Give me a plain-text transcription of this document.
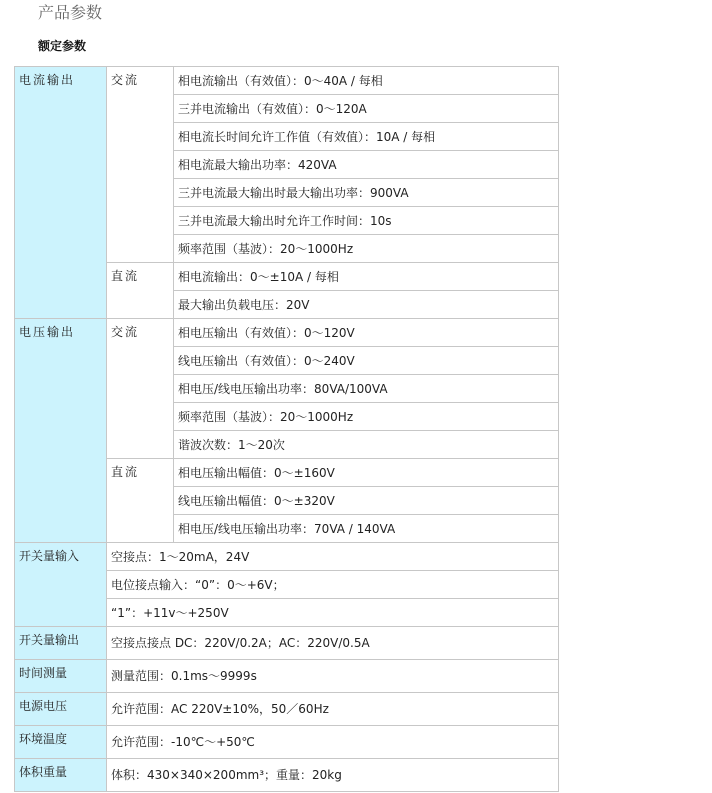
产品参数
额定参数
电流输出	交流	相电流输出（有效值）：0～40A / 每相
		三并电流输出（有效值）：0～120A
		相电流长时间允许工作值（有效值）：10A / 每相
		相电流最大输出功率：420VA
		三并电流最大输出时最大输出功率：900VA
		三并电流最大输出时允许工作时间：10s
		频率范围（基波）：20～1000Hz
	直流	相电流输出：0～±10A / 每相
		最大输出负载电压：20V
电压输出	交流	相电压输出（有效值）：0～120V
		线电压输出（有效值）：0～240V
		相电压/线电压输出功率：80VA/100VA
		频率范围（基波）：20～1000Hz
		谐波次数：1～20次
	直流	相电压输出幅值：0～±160V
		线电压输出幅值：0～±320V
		相电压/线电压输出功率：70VA / 140VA
开关量输入	空接点：1～20mA，24V	
	电位接点输入：“0”：0～+6V；	
	“1”：+11v～+250V	
开关量输出	空接点接点 DC：220V/0.2A；AC：220V/0.5A	
时间测量	测量范围：0.1ms～9999s	
电源电压	允许范围：AC 220V±10%，50／60Hz	
环境温度	允许范围：-10℃～+50℃	
体积重量	体积：430×340×200mm³；重量：20kg	
